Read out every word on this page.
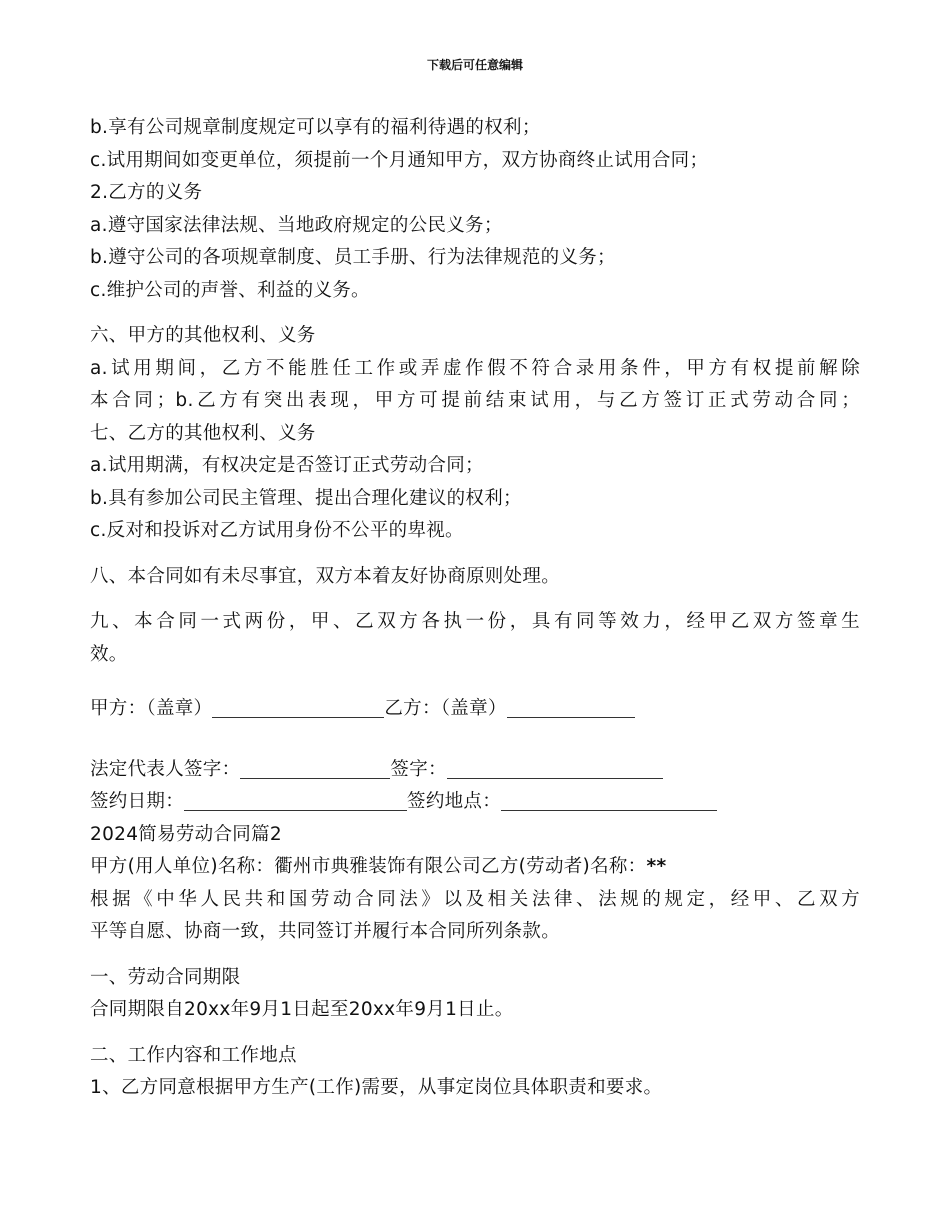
下载后可任意编辑
b.享有公司规章制度规定可以享有的福利待遇的权利；
c.试用期间如变更单位，须提前一个月通知甲方，双方协商终止试用合同；
2.乙方的义务
a.遵守国家法律法规、当地政府规定的公民义务；
b.遵守公司的各项规章制度、员工手册、行为法律规范的义务；
c.维护公司的声誉、利益的义务。
六、甲方的其他权利、义务
a.试用期间，乙方不能胜任工作或弄虚作假不符合录用条件，甲方有权提前解除
本合同；b.乙方有突出表现，甲方可提前结束试用，与乙方签订正式劳动合同；
七、乙方的其他权利、义务
a.试用期满，有权决定是否签订正式劳动合同；
b.具有参加公司民主管理、提出合理化建议的权利；
c.反对和投诉对乙方试用身份不公平的卑视。
八、本合同如有未尽事宜，双方本着友好协商原则处理。
九、本合同一式两份，甲、乙双方各执一份，具有同等效力，经甲乙双方签章生
效。
甲方：（盖章）	乙方：（盖章）
法定代表人签字：	签字：
签约日期：	签约地点：
2024简易劳动合同篇2
甲方(用人单位)名称：衢州市典雅装饰有限公司乙方(劳动者)名称：**
根据《中华人民共和国劳动合同法》以及相关法律、法规的规定，经甲、乙双方
平等自愿、协商一致，共同签订并履行本合同所列条款。
一、劳动合同期限
合同期限自20xx年9月1日起至20xx年9月1日止。
二、工作内容和工作地点
1、乙方同意根据甲方生产(工作)需要，从事定岗位具体职责和要求。
